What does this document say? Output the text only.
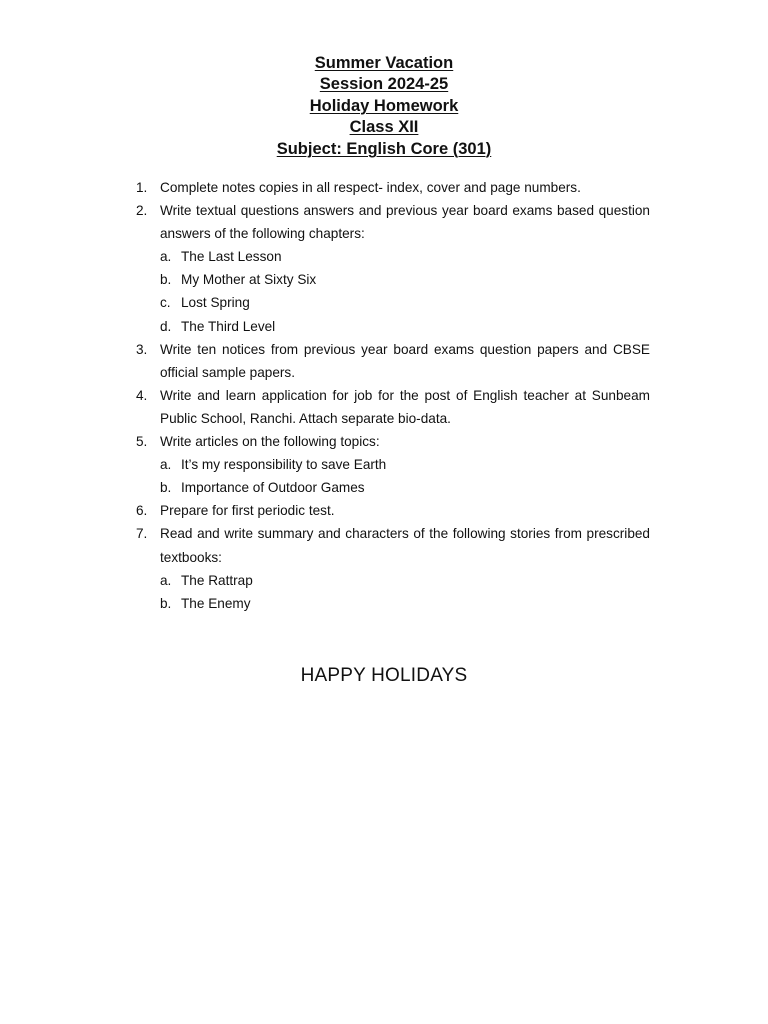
Summer Vacation
Session 2024-25
Holiday Homework
Class XII
Subject: English Core (301)
1. Complete notes copies in all respect- index, cover and page numbers.
2. Write textual questions answers and previous year board exams based question answers of the following chapters:
a. The Last Lesson
b. My Mother at Sixty Six
c. Lost Spring
d. The Third Level
3. Write ten notices from previous year board exams question papers and CBSE official sample papers.
4. Write and learn application for job for the post of English teacher at Sunbeam Public School, Ranchi. Attach separate bio-data.
5. Write articles on the following topics:
a. It’s my responsibility to save Earth
b. Importance of Outdoor Games
6. Prepare for first periodic test.
7. Read and write summary and characters of the following stories from prescribed textbooks:
a. The Rattrap
b. The Enemy
HAPPY HOLIDAYS
